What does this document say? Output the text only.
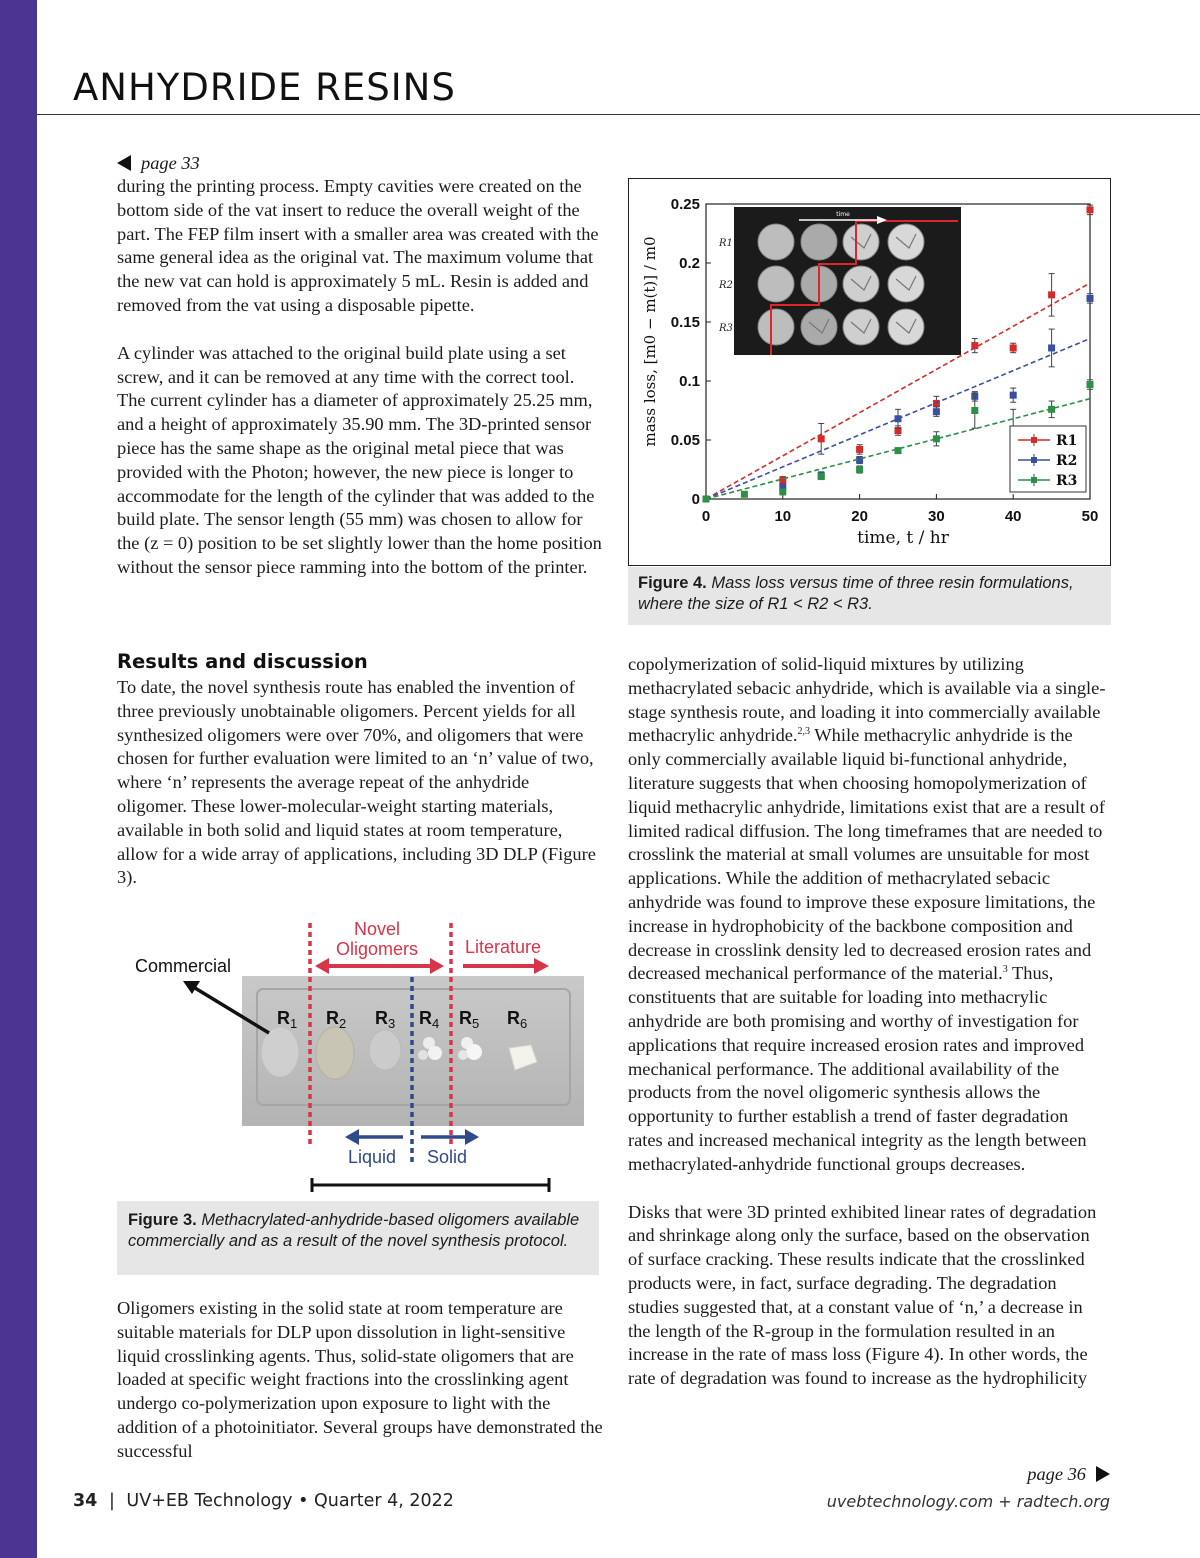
ANHYDRIDE RESINS
page 33

during the printing process. Empty cavities were created on the bottom side of the vat insert to reduce the overall weight of the part. The FEP film insert with a smaller area was created with the same general idea as the original vat. The maximum volume that the new vat can hold is approximately 5 mL. Resin is added and removed from the vat using a disposable pipette.

A cylinder was attached to the original build plate using a set screw, and it can be removed at any time with the correct tool. The current cylinder has a diameter of approximately 25.25 mm, and a height of approximately 35.90 mm. The 3D-printed sensor piece has the same shape as the original metal piece that was provided with the Photon; however, the new piece is longer to accommodate for the length of the cylinder that was added to the build plate. The sensor length (55 mm) was chosen to allow for the (z = 0) position to be set slightly lower than the home position without the sensor piece ramming into the bottom of the printer.

Results and discussion

To date, the novel synthesis route has enabled the invention of three previously unobtainable oligomers. Percent yields for all synthesized oligomers were over 70%, and oligomers that were chosen for further evaluation were limited to an ‘n’ value of two, where ‘n’ represents the average repeat of the anhydride oligomer. These lower-molecular-weight starting materials, available in both solid and liquid states at room temperature, allow for a wide array of applications, including 3D DLP (Figure 3).

Novel
Oligomers	Literature
Commercial
$R_1$ $R_2$ $R_3$ $R_4$ $R_5$ $R_6$
Liquid Solid
Figure 3. Methacrylated-anhydride-based oligomers available commercially and as a result of the novel synthesis protocol.

Oligomers existing in the solid state at room temperature are suitable materials for DLP upon dissolution in light-sensitive liquid crosslinking agents. Thus, solid-state oligomers that are loaded at specific weight fractions into the crosslinking agent undergo co-polymerization upon exposure to light with the addition of a photoinitiator. Several groups have demonstrated the successful

0	10	20	30	40	50
0
0.05
0.1
0.15
0.2
0.25
time, t / hr
mass loss, [m0 − m(t)] / m0
time
R1
R2
R3
R1
R2
R3
Figure 4. Mass loss versus time of three resin formulations, where the size of R1 < R2 < R3.

copolymerization of solid-liquid mixtures by utilizing methacrylated sebacic anhydride, which is available via a single-stage synthesis route, and loading it into commercially available methacrylic anhydride.$^{2,3}$ While methacrylic anhydride is the only commercially available liquid bi-functional anhydride, literature suggests that when choosing homopolymerization of liquid methacrylic anhydride, limitations exist that are a result of limited radical diffusion. The long timeframes that are needed to crosslink the material at small volumes are unsuitable for most applications. While the addition of methacrylated sebacic anhydride was found to improve these exposure limitations, the increase in hydrophobicity of the backbone composition and decrease in crosslink density led to decreased erosion rates and decreased mechanical performance of the material.$^3$ Thus, constituents that are suitable for loading into methacrylic anhydride are both promising and worthy of investigation for applications that require increased erosion rates and improved mechanical performance. The additional availability of the products from the novel oligomeric synthesis allows the opportunity to further establish a trend of faster degradation rates and increased mechanical integrity as the length between methacrylated-anhydride functional groups decreases.

Disks that were 3D printed exhibited linear rates of degradation and shrinkage along only the surface, based on the observation of surface cracking. These results indicate that the crosslinked products were, in fact, surface degrading. The degradation studies suggested that, at a constant value of ‘n,’ a decrease in the length of the R-group in the formulation resulted in an increase in the rate of mass loss (Figure 4). In other words, the rate of degradation was found to increase as the hydrophilicity

page 36
34 | UV+EB Technology • Quarter 4, 2022	uvebtechnology.com + radtech.org
